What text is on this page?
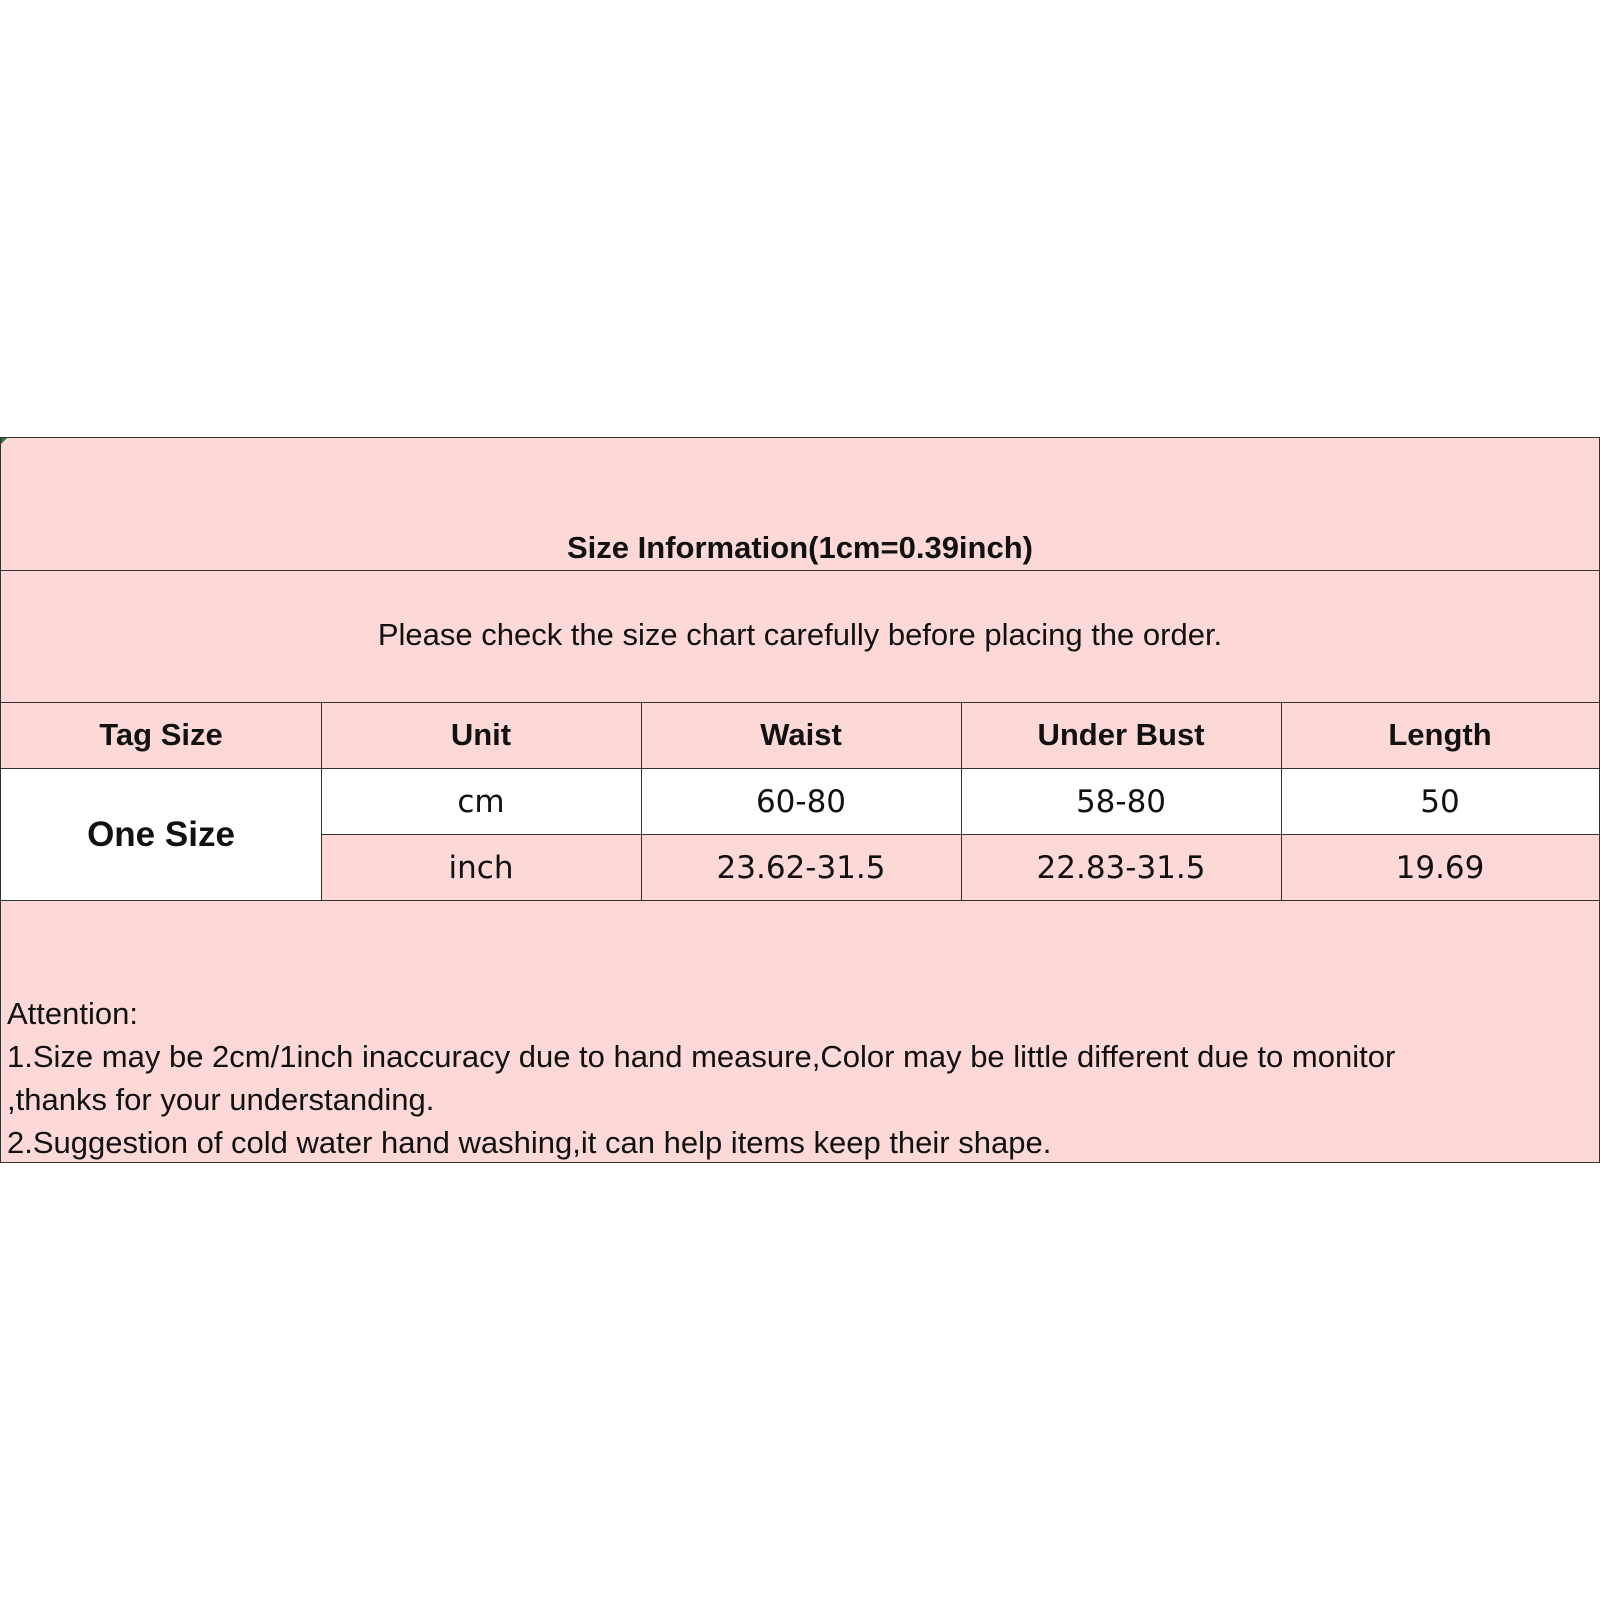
Size Information(1cm=0.39inch)
Please check the size chart carefully before placing the order.
Tag Size	Unit	Waist	Under Bust	Length
One Size
cm	60-80	58-80	50
inch	23.62-31.5	22.83-31.5	19.69
Attention:
1.Size may be 2cm/1inch inaccuracy due to hand measure,Color may be little different due to monitor
,thanks for your understanding.
2.Suggestion of cold water hand washing,it can help items keep their shape.
